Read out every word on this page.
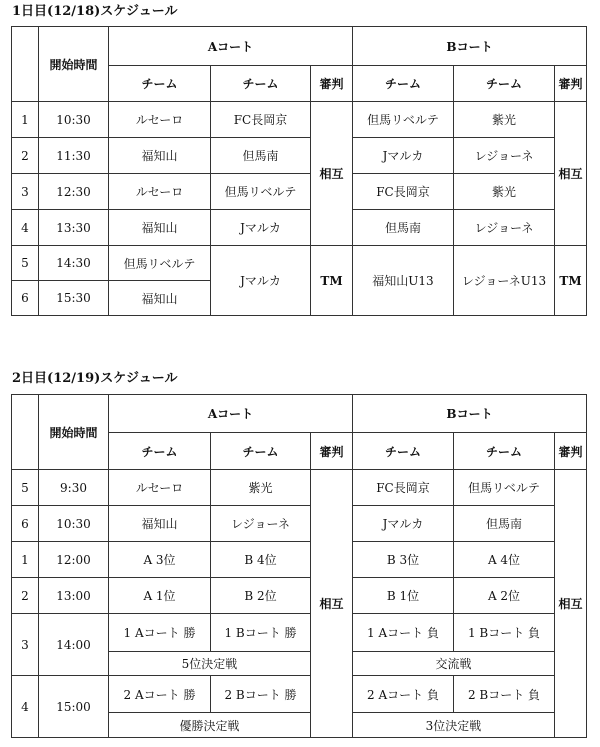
1日目(12/18)スケジュール
	開始時間	Aコート			Bコート		
		チーム	チーム	審判	チーム	チーム	審判
1	10:30	ルセーロ	FC長岡京	相互	但馬リベルテ	紫光	相互
2	11:30	福知山	但馬南		Jマルカ	レジョーネ	
3	12:30	ルセーロ	但馬リベルテ		FC長岡京	紫光	
4	13:30	福知山	Jマルカ		但馬南	レジョーネ	
5	14:30	但馬リベルテ	Jマルカ	TM	福知山U13	レジョーネU13	TM
6	15:30	福知山					
2日目(12/19)スケジュール
	開始時間	Aコート			Bコート		
		チーム	チーム	審判	チーム	チーム	審判
5	9:30	ルセーロ	紫光	相互	FC長岡京	但馬リベルテ	相互
6	10:30	福知山	レジョーネ		Jマルカ	但馬南	
1	12:00	A 3位	B 4位		B 3位	A 4位	
2	13:00	A 1位	B 2位		B 1位	A 2位	
3	14:00	1 Aコート 勝	1 Bコート 勝		1 Aコート 負	1 Bコート 負	
		5位決定戦			交流戦		
4	15:00	2 Aコート 勝	2 Bコート 勝		2 Aコート 負	2 Bコート 負	
		優勝決定戦			3位決定戦		
